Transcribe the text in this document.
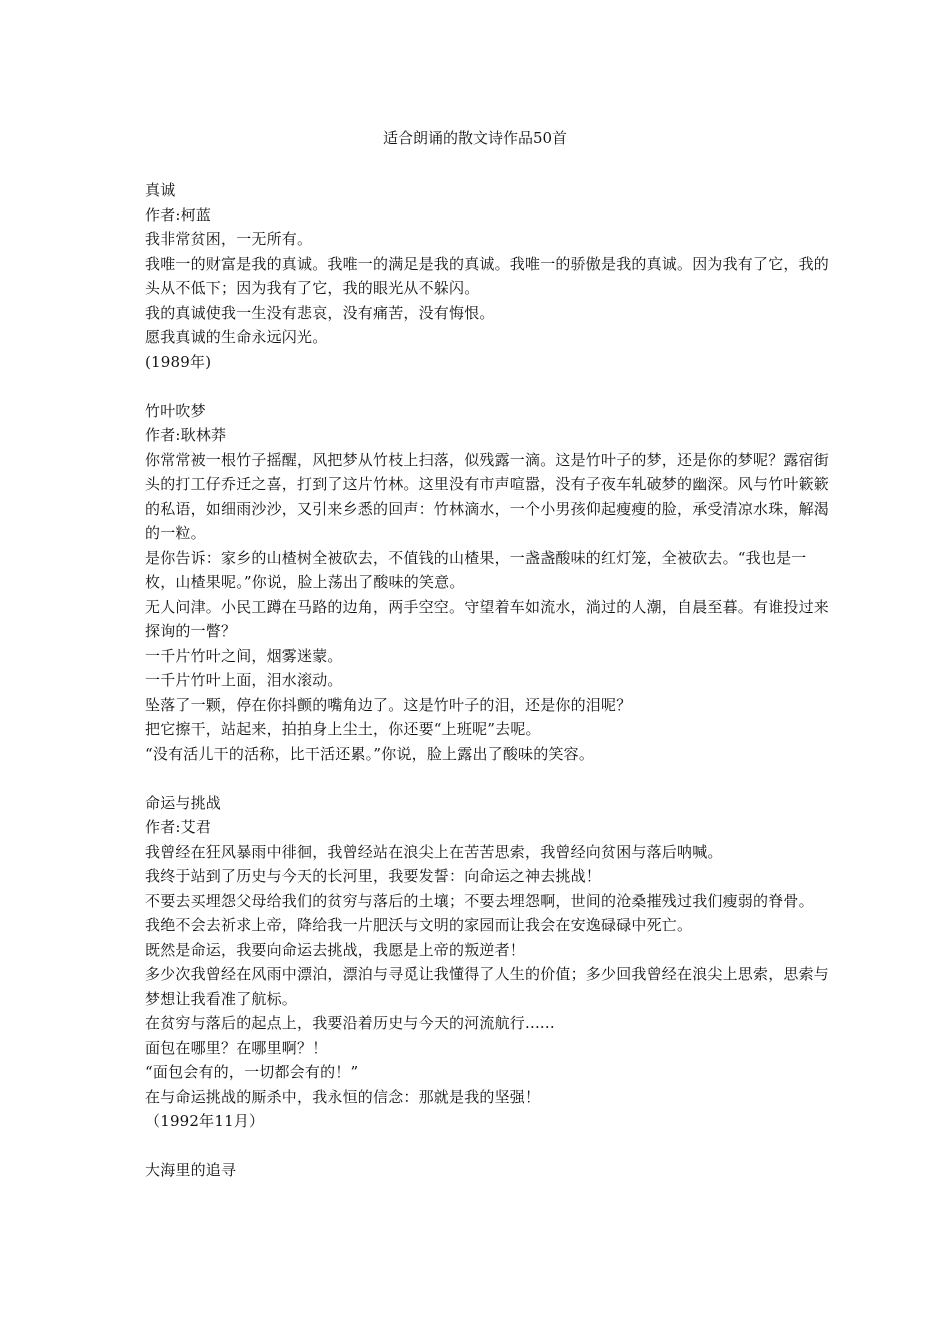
适合朗诵的散文诗作品50首

真诚

作者:柯蓝

我非常贫困，一无所有。

我唯一的财富是我的真诚。我唯一的满足是我的真诚。我唯一的骄傲是我的真诚。因为我有了它，我的头从不低下；因为我有了它，我的眼光从不躲闪。

我的真诚使我一生没有悲哀，没有痛苦，没有悔恨。

愿我真诚的生命永远闪光。

(1989年)

竹叶吹梦

作者:耿林莽

你常常被一根竹子摇醒，风把梦从竹枝上扫落，似残露一滴。这是竹叶子的梦，还是你的梦呢？露宿街头的打工仔乔迁之喜，打到了这片竹林。这里没有市声喧嚣，没有子夜车轧破梦的幽深。风与竹叶簌簌的私语，如细雨沙沙，又引来乡悉的回声：竹林滴水，一个小男孩仰起瘦瘦的脸，承受清凉水珠，解渴的一粒。

是你告诉：家乡的山楂树全被砍去，不值钱的山楂果，一盏盏酸味的红灯笼，全被砍去。“我也是一枚，山楂果呢。”你说，脸上荡出了酸味的笑意。

无人问津。小民工蹲在马路的边角，两手空空。守望着车如流水，淌过的人潮，自晨至暮。有谁投过来探询的一瞥？

一千片竹叶之间，烟雾迷蒙。

一千片竹叶上面，泪水滚动。

坠落了一颗，停在你抖颤的嘴角边了。这是竹叶子的泪，还是你的泪呢？

把它擦干，站起来，拍拍身上尘土，你还要“上班呢”去呢。

“没有活儿干的活称，比干活还累。”你说，脸上露出了酸味的笑容。

命运与挑战

作者:艾君

我曾经在狂风暴雨中徘徊，我曾经站在浪尖上在苦苦思索，我曾经向贫困与落后呐喊。

我终于站到了历史与今天的长河里，我要发誓：向命运之神去挑战！

不要去买埋怨父母给我们的贫穷与落后的土壤；不要去埋怨啊，世间的沧桑摧残过我们瘦弱的脊骨。

我绝不会去祈求上帝，降给我一片肥沃与文明的家园而让我会在安逸碌碌中死亡。

既然是命运，我要向命运去挑战，我愿是上帝的叛逆者！

多少次我曾经在风雨中漂泊，漂泊与寻觅让我懂得了人生的价值；多少回我曾经在浪尖上思索，思索与梦想让我看准了航标。

在贫穷与落后的起点上，我要沿着历史与今天的河流航行......

面包在哪里？在哪里啊？！

“面包会有的，一切都会有的！”

在与命运挑战的厮杀中，我永恒的信念：那就是我的坚强！

（1992年11月）

大海里的追寻
